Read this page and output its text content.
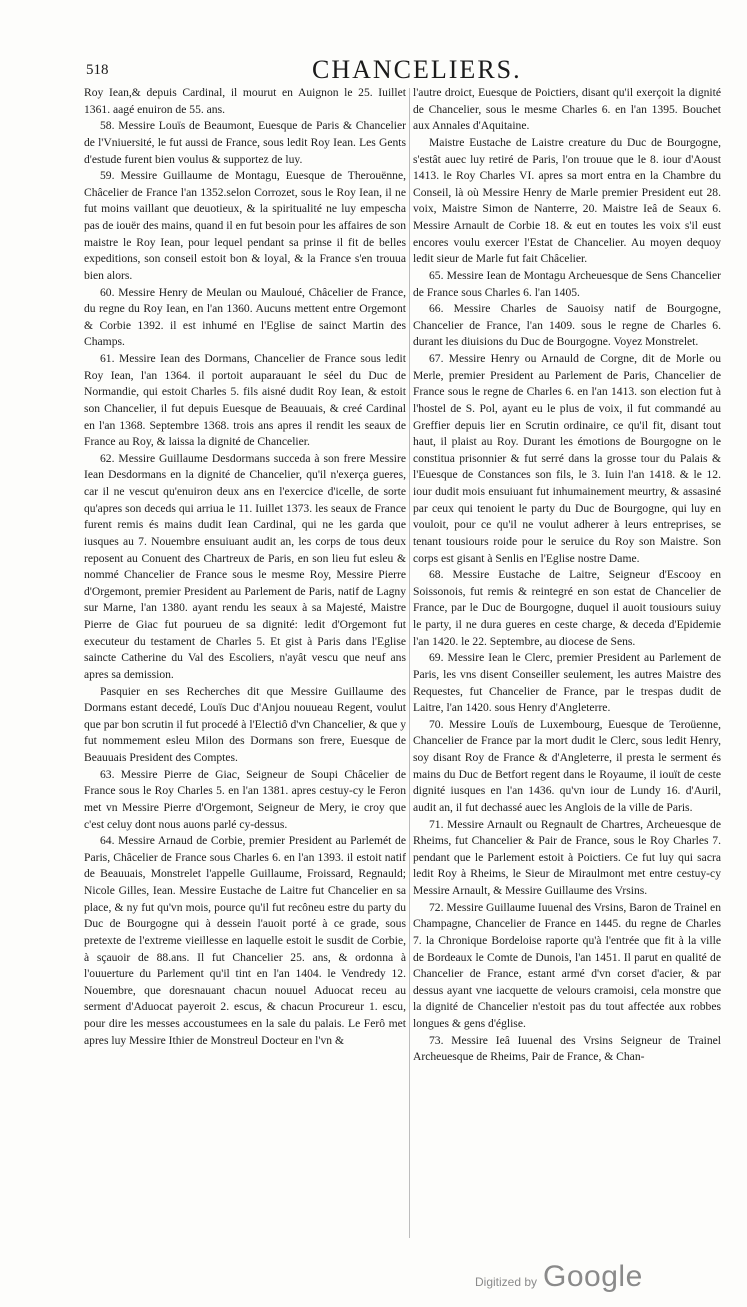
518	CHANCELIERS.

Roy Iean,& depuis Cardinal, il mourut en Auignon le 25. Iuillet 1361. aagé enuiron de 55. ans.

58. Messire Louïs de Beaumont, Euesque de Paris & Chancelier de l'Vniuersité, le fut aussi de France, sous ledit Roy Iean. Les Gents d'estude furent bien voulus & supportez de luy.

59. Messire Guillaume de Montagu, Euesque de Therouënne, Châcelier de France l'an 1352.selon Corrozet, sous le Roy Iean, il ne fut moins vaillant que deuotieux, & la spiritualité ne luy empescha pas de iouër des mains, quand il en fut besoin pour les affaires de son maistre le Roy Iean, pour lequel pendant sa prinse il fit de belles expeditions, son conseil estoit bon & loyal, & la France s'en trouua bien alors.

60. Messire Henry de Meulan ou Mauloué, Châcelier de France, du regne du Roy Iean, en l'an 1360. Aucuns mettent entre Orgemont & Corbie 1392. il est inhumé en l'Eglise de sainct Martin des Champs.

61. Messire Iean des Dormans, Chancelier de France sous ledit Roy Iean, l'an 1364. il portoit auparauant le séel du Duc de Normandie, qui estoit Charles 5. fils aisné dudit Roy Iean, & estoit son Chancelier, il fut depuis Euesque de Beauuais, & creé Cardinal en l'an 1368. Septembre 1368. trois ans apres il rendit les seaux de France au Roy, & laissa la dignité de Chancelier.

62. Messire Guillaume Desdormans succeda à son frere Messire Iean Desdormans en la dignité de Chancelier, qu'il n'exerça gueres, car il ne vescut qu'enuiron deux ans en l'exercice d'icelle, de sorte qu'apres son deceds qui arriua le 11. Iuillet 1373. les seaux de France furent remis és mains dudit Iean Cardinal, qui ne les garda que iusques au 7. Nouembre ensuiuant audit an, les corps de tous deux reposent au Conuent des Chartreux de Paris, en son lieu fut esleu & nommé Chancelier de France sous le mesme Roy, Messire Pierre d'Orgemont, premier President au Parlement de Paris, natif de Lagny sur Marne, l'an 1380. ayant rendu les seaux à sa Majesté, Maistre Pierre de Giac fut pourueu de sa dignité: ledit d'Orgemont fut executeur du testament de Charles 5. Et gist à Paris dans l'Eglise saincte Catherine du Val des Escoliers, n'ayât vescu que neuf ans apres sa demission.

Pasquier en ses Recherches dit que Messire Guillaume des Dormans estant decedé, Louïs Duc d'Anjou nouueau Regent, voulut que par bon scrutin il fut procedé à l'Electiô d'vn Chancelier, & que y fut nommement esleu Milon des Dormans son frere, Euesque de Beauuais President des Comptes.

63. Messire Pierre de Giac, Seigneur de Soupi Châcelier de France sous le Roy Charles 5. en l'an 1381. apres cestuy-cy le Feron met vn Messire Pierre d'Orgemont, Seigneur de Mery, ie croy que c'est celuy dont nous auons parlé cy-dessus.

64. Messire Arnaud de Corbie, premier President au Parlemét de Paris, Châcelier de France sous Charles 6. en l'an 1393. il estoit natif de Beauuais, Monstrelet l'appelle Guillaume, Froissard, Regnauld; Nicole Gilles, Iean. Messire Eustache de Laitre fut Chancelier en sa place, & ny fut qu'vn mois, pource qu'il fut recôneu estre du party du Duc de Bourgogne qui à dessein l'auoit porté à ce grade, sous pretexte de l'extreme vieillesse en laquelle estoit le susdit de Corbie, à sçauoir de 88.ans. Il fut Chancelier 25. ans, & ordonna à l'ouuerture du Parlement qu'il tint en l'an 1404. le Vendredy 12. Nouembre, que doresnauant chacun nouuel Aduocat receu au serment d'Aduocat payeroit 2. escus, & chacun Procureur 1. escu, pour dire les messes accoustumees en la sale du palais. Le Ferô met apres luy Messire Ithier de Monstreul Docteur en l'vn &

l'autre droict, Euesque de Poictiers, disant qu'il exerçoit la dignité de Chancelier, sous le mesme Charles 6. en l'an 1395. Bouchet aux Annales d'Aquitaine.

Maistre Eustache de Laistre creature du Duc de Bourgogne, s'estât auec luy retiré de Paris, l'on trouue que le 8. iour d'Aoust 1413. le Roy Charles VI. apres sa mort entra en la Chambre du Conseil, là où Messire Henry de Marle premier President eut 28. voix, Maistre Simon de Nanterre, 20. Maistre Ieâ de Seaux 6. Messire Arnault de Corbie 18. & eut en toutes les voix s'il eust encores voulu exercer l'Estat de Chancelier. Au moyen dequoy ledit sieur de Marle fut fait Châcelier.

65. Messire Iean de Montagu Archeuesque de Sens Chancelier de France sous Charles 6. l'an 1405.

66. Messire Charles de Sauoisy natif de Bourgogne, Chancelier de France, l'an 1409. sous le regne de Charles 6. durant les diuisions du Duc de Bourgogne. Voyez Monstrelet.

67. Messire Henry ou Arnauld de Corgne, dit de Morle ou Merle, premier President au Parlement de Paris, Chancelier de France sous le regne de Charles 6. en l'an 1413. son election fut à l'hostel de S. Pol, ayant eu le plus de voix, il fut commandé au Greffier depuis lier en Scrutin ordinaire, ce qu'il fit, disant tout haut, il plaist au Roy. Durant les émotions de Bourgogne on le constitua prisonnier & fut serré dans la grosse tour du Palais & l'Euesque de Constances son fils, le 3. Iuin l'an 1418. & le 12. iour dudit mois ensuiuant fut inhumainement meurtry, & assasiné par ceux qui tenoient le party du Duc de Bourgogne, qui luy en vouloit, pour ce qu'il ne voulut adherer à leurs entreprises, se tenant tousiours roide pour le seruice du Roy son Maistre. Son corps est gisant à Senlis en l'Eglise nostre Dame.

68. Messire Eustache de Laitre, Seigneur d'Escooy en Soissonois, fut remis & reintegré en son estat de Chancelier de France, par le Duc de Bourgogne, duquel il auoit tousiours suiuy le party, il ne dura gueres en ceste charge, & deceda d'Epidemie l'an 1420. le 22. Septembre, au diocese de Sens.

69. Messire Iean le Clerc, premier President au Parlement de Paris, les vns disent Conseiller seulement, les autres Maistre des Requestes, fut Chancelier de France, par le trespas dudit de Laitre, l'an 1420. sous Henry d'Angleterre.

70. Messire Louïs de Luxembourg, Euesque de Teroüenne, Chancelier de France par la mort dudit le Clerc, sous ledit Henry, soy disant Roy de France & d'Angleterre, il presta le serment és mains du Duc de Betfort regent dans le Royaume, il iouït de ceste dignité iusques en l'an 1436. qu'vn iour de Lundy 16. d'Auril, audit an, il fut dechassé auec les Anglois de la ville de Paris.

71. Messire Arnault ou Regnault de Chartres, Archeuesque de Rheims, fut Chancelier & Pair de France, sous le Roy Charles 7. pendant que le Parlement estoit à Poictiers. Ce fut luy qui sacra ledit Roy à Rheims, le Sieur de Miraulmont met entre cestuy-cy Messire Arnault, & Messire Guillaume des Vrsins.

72. Messire Guillaume Iuuenal des Vrsins, Baron de Trainel en Champagne, Chancelier de France en 1445. du regne de Charles 7. la Chronique Bordeloise raporte qu'à l'entrée que fit à la ville de Bordeaux le Comte de Dunois, l'an 1451. Il parut en qualité de Chancelier de France, estant armé d'vn corset d'acier, & par dessus ayant vne iacquette de velours cramoisi, cela monstre que la dignité de Chancelier n'estoit pas du tout affectée aux robbes longues & gens d'église.

73. Messire Ieâ Iuuenal des Vrsins Seigneur de Trainel Archeuesque de Rheims, Pair de France, & Chan-

Digitized by Google
